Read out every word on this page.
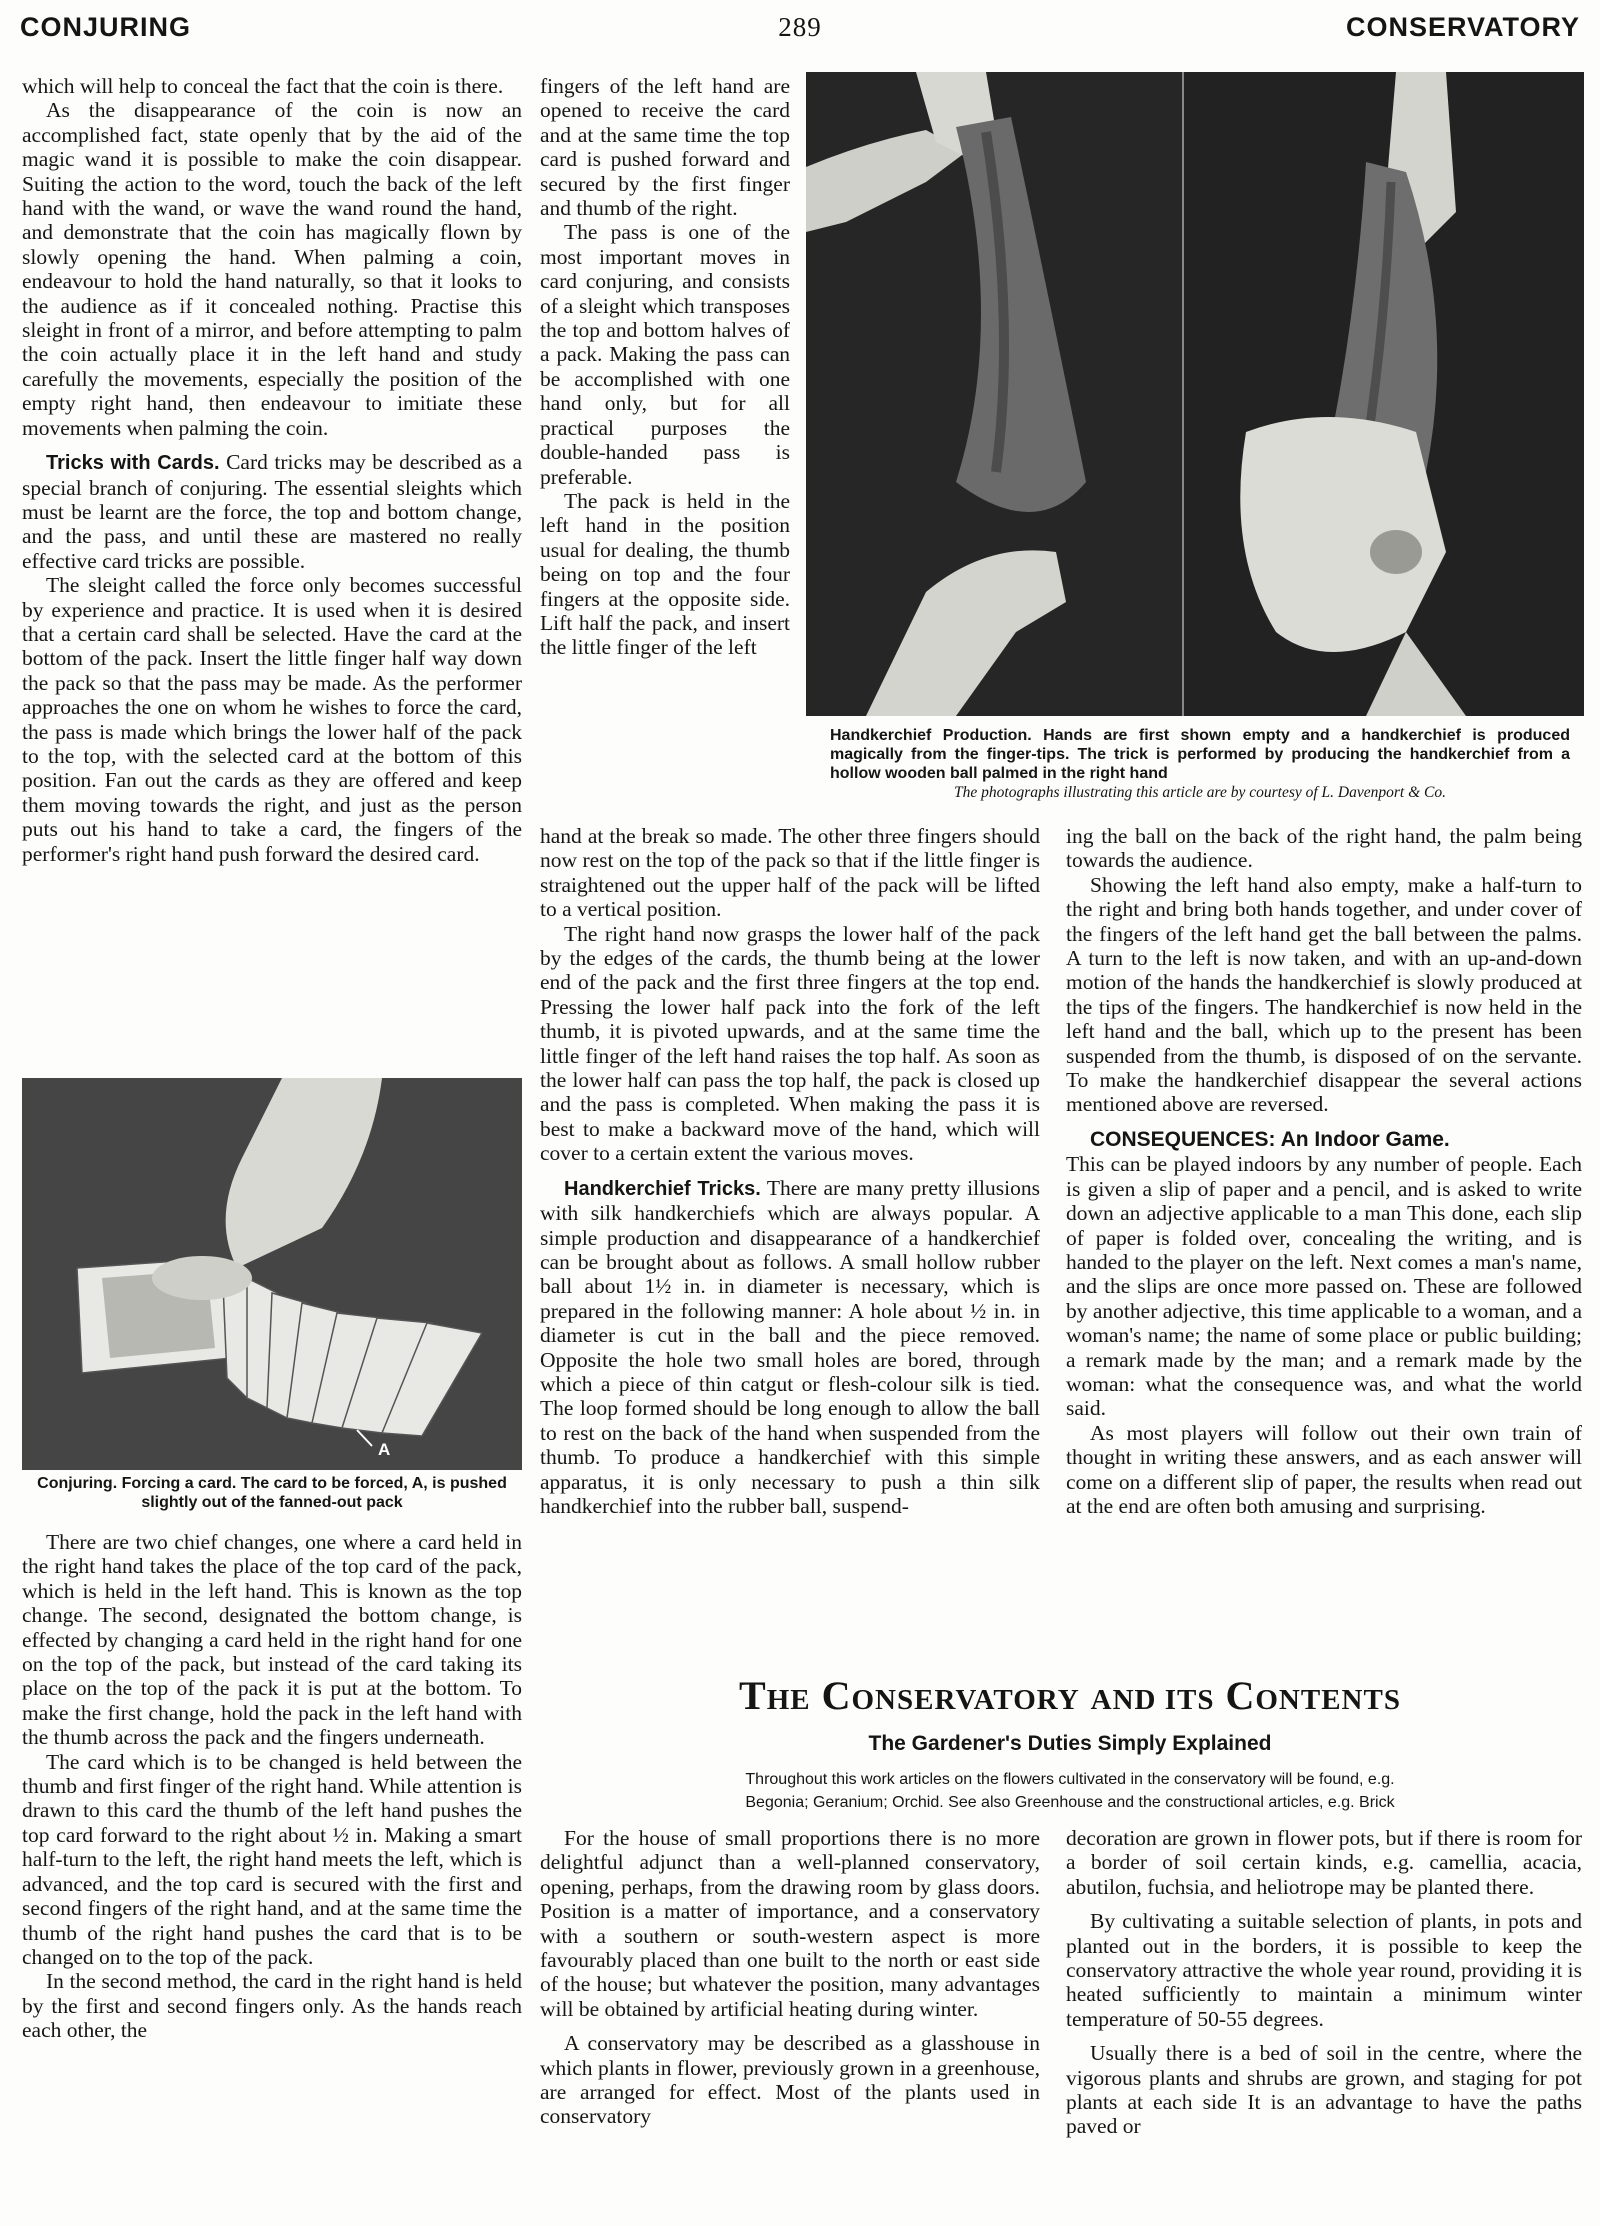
CONJURING	289	CONSERVATORY

which will help to conceal the fact that the coin is there.

As the disappearance of the coin is now an accomplished fact, state openly that by the aid of the magic wand it is possible to make the coin disappear. Suiting the action to the word, touch the back of the left hand with the wand, or wave the wand round the hand, and demonstrate that the coin has magically flown by slowly opening the hand. When palming a coin, endeavour to hold the hand naturally, so that it looks to the audience as if it concealed nothing. Practise this sleight in front of a mirror, and before attempting to palm the coin actually place it in the left hand and study carefully the movements, especially the position of the empty right hand, then endeavour to imitiate these movements when palming the coin.

Tricks with Cards. Card tricks may be described as a special branch of conjuring. The essential sleights which must be learnt are the force, the top and bottom change, and the pass, and until these are mastered no really effective card tricks are possible.

The sleight called the force only becomes successful by experience and practice. It is used when it is desired that a certain card shall be selected. Have the card at the bottom of the pack. Insert the little finger half way down the pack so that the pass may be made. As the performer approaches the one on whom he wishes to force the card, the pass is made which brings the lower half of the pack to the top, with the selected card at the bottom of this position. Fan out the cards as they are offered and keep them moving towards the right, and just as the person puts out his hand to take a card, the fingers of the performer's right hand push forward the desired card.

A
Conjuring. Forcing a card. The card to be forced, A, is pushed slightly out of the fanned-out pack

There are two chief changes, one where a card held in the right hand takes the place of the top card of the pack, which is held in the left hand. This is known as the top change. The second, designated the bottom change, is effected by changing a card held in the right hand for one on the top of the pack, but instead of the card taking its place on the top of the pack it is put at the bottom. To make the first change, hold the pack in the left hand with the thumb across the pack and the fingers underneath.

The card which is to be changed is held between the thumb and first finger of the right hand. While attention is drawn to this card the thumb of the left hand pushes the top card forward to the right about ½ in. Making a smart half-turn to the left, the right hand meets the left, which is advanced, and the top card is secured with the first and second fingers of the right hand, and at the same time the thumb of the right hand pushes the card that is to be changed on to the top of the pack.

In the second method, the card in the right hand is held by the first and second fingers only. As the hands reach each other, the

fingers of the left hand are opened to receive the card and at the same time the top card is pushed forward and secured by the first finger and thumb of the right.

The pass is one of the most important moves in card conjuring, and consists of a sleight which transposes the top and bottom halves of a pack. Making the pass can be accomplished with one hand only, but for all practical purposes the double-handed pass is preferable.

The pack is held in the left hand in the position usual for dealing, the thumb being on top and the four fingers at the opposite side. Lift half the pack, and insert the little finger of the left

Handkerchief Production. Hands are first shown empty and a handkerchief is produced magically from the finger-tips. The trick is performed by producing the handkerchief from a hollow wooden ball palmed in the right hand
The photographs illustrating this article are by courtesy of L. Davenport & Co.

hand at the break so made. The other three fingers should now rest on the top of the pack so that if the little finger is straightened out the upper half of the pack will be lifted to a vertical position.

The right hand now grasps the lower half of the pack by the edges of the cards, the thumb being at the lower end of the pack and the first three fingers at the top end. Pressing the lower half pack into the fork of the left thumb, it is pivoted upwards, and at the same time the little finger of the left hand raises the top half. As soon as the lower half can pass the top half, the pack is closed up and the pass is completed. When making the pass it is best to make a backward move of the hand, which will cover to a certain extent the various moves.

Handkerchief Tricks. There are many pretty illusions with silk handkerchiefs which are always popular. A simple production and disappearance of a handkerchief can be brought about as follows. A small hollow rubber ball about 1½ in. in diameter is necessary, which is prepared in the following manner: A hole about ½ in. in diameter is cut in the ball and the piece removed. Opposite the hole two small holes are bored, through which a piece of thin catgut or flesh-colour silk is tied. The loop formed should be long enough to allow the ball to rest on the back of the hand when suspended from the thumb. To produce a handkerchief with this simple apparatus, it is only necessary to push a thin silk handkerchief into the rubber ball, suspend-

ing the ball on the back of the right hand, the palm being towards the audience.

Showing the left hand also empty, make a half-turn to the right and bring both hands together, and under cover of the fingers of the left hand get the ball between the palms. A turn to the left is now taken, and with an up-and-down motion of the hands the handkerchief is slowly produced at the tips of the fingers. The handkerchief is now held in the left hand and the ball, which up to the present has been suspended from the thumb, is disposed of on the servante. To make the handkerchief disappear the several actions mentioned above are reversed.

CONSEQUENCES: An Indoor Game.

This can be played indoors by any number of people. Each is given a slip of paper and a pencil, and is asked to write down an adjective applicable to a man This done, each slip of paper is folded over, concealing the writing, and is handed to the player on the left. Next comes a man's name, and the slips are once more passed on. These are followed by another adjective, this time applicable to a woman, and a woman's name; the name of some place or public building; a remark made by the man; and a remark made by the woman: what the consequence was, and what the world said.

As most players will follow out their own train of thought in writing these answers, and as each answer will come on a different slip of paper, the results when read out at the end are often both amusing and surprising.

THE CONSERVATORY AND ITS CONTENTS
The Gardener's Duties Simply Explained
Throughout this work articles on the flowers cultivated in the conservatory will be found, e.g.
Begonia; Geranium; Orchid. See also Greenhouse and the constructional articles, e.g. Brick

For the house of small proportions there is no more delightful adjunct than a well-planned conservatory, opening, perhaps, from the drawing room by glass doors. Position is a matter of importance, and a conservatory with a southern or south-western aspect is more favourably placed than one built to the north or east side of the house; but whatever the position, many advantages will be obtained by artificial heating during winter.

A conservatory may be described as a glasshouse in which plants in flower, previously grown in a greenhouse, are arranged for effect. Most of the plants used in conservatory

decoration are grown in flower pots, but if there is room for a border of soil certain kinds, e.g. camellia, acacia, abutilon, fuchsia, and heliotrope may be planted there.

By cultivating a suitable selection of plants, in pots and planted out in the borders, it is possible to keep the conservatory attractive the whole year round, providing it is heated sufficiently to maintain a minimum winter temperature of 50-55 degrees.

Usually there is a bed of soil in the centre, where the vigorous plants and shrubs are grown, and staging for pot plants at each side It is an advantage to have the paths paved or
